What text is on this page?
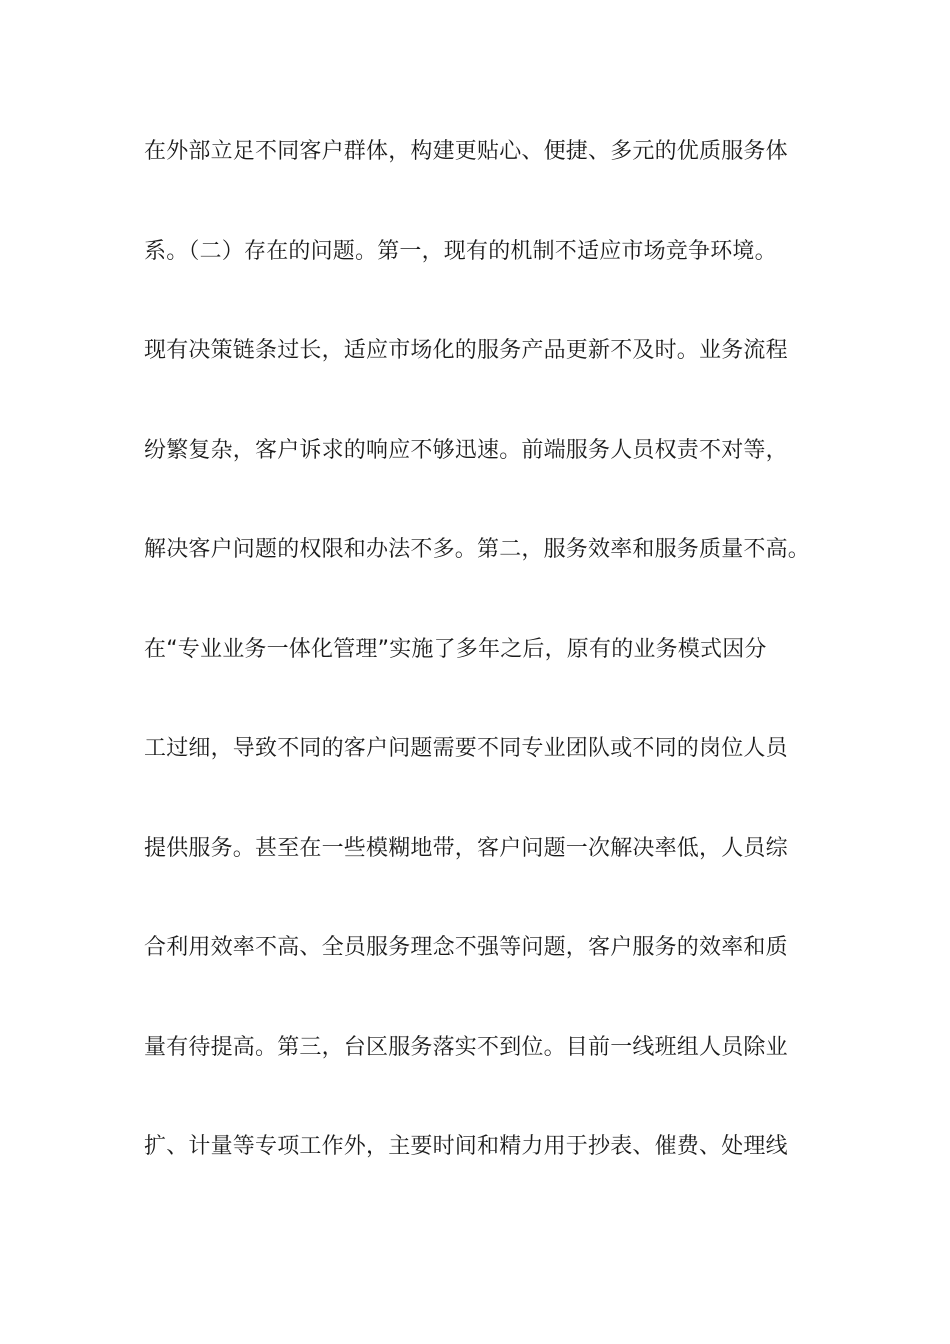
在外部立足不同客户群体，构建更贴心、便捷、多元的优质服务体
系。（二）存在的问题。第一，现有的机制不适应市场竞争环境。
现有决策链条过长，适应市场化的服务产品更新不及时。业务流程
纷繁复杂，客户诉求的响应不够迅速。前端服务人员权责不对等，
解决客户问题的权限和办法不多。第二，服务效率和服务质量不高。
在“专业业务一体化管理”实施了多年之后，原有的业务模式因分
工过细，导致不同的客户问题需要不同专业团队或不同的岗位人员
提供服务。甚至在一些模糊地带，客户问题一次解决率低，人员综
合利用效率不高、全员服务理念不强等问题，客户服务的效率和质
量有待提高。第三，台区服务落实不到位。目前一线班组人员除业
扩、计量等专项工作外，主要时间和精力用于抄表、催费、处理线
